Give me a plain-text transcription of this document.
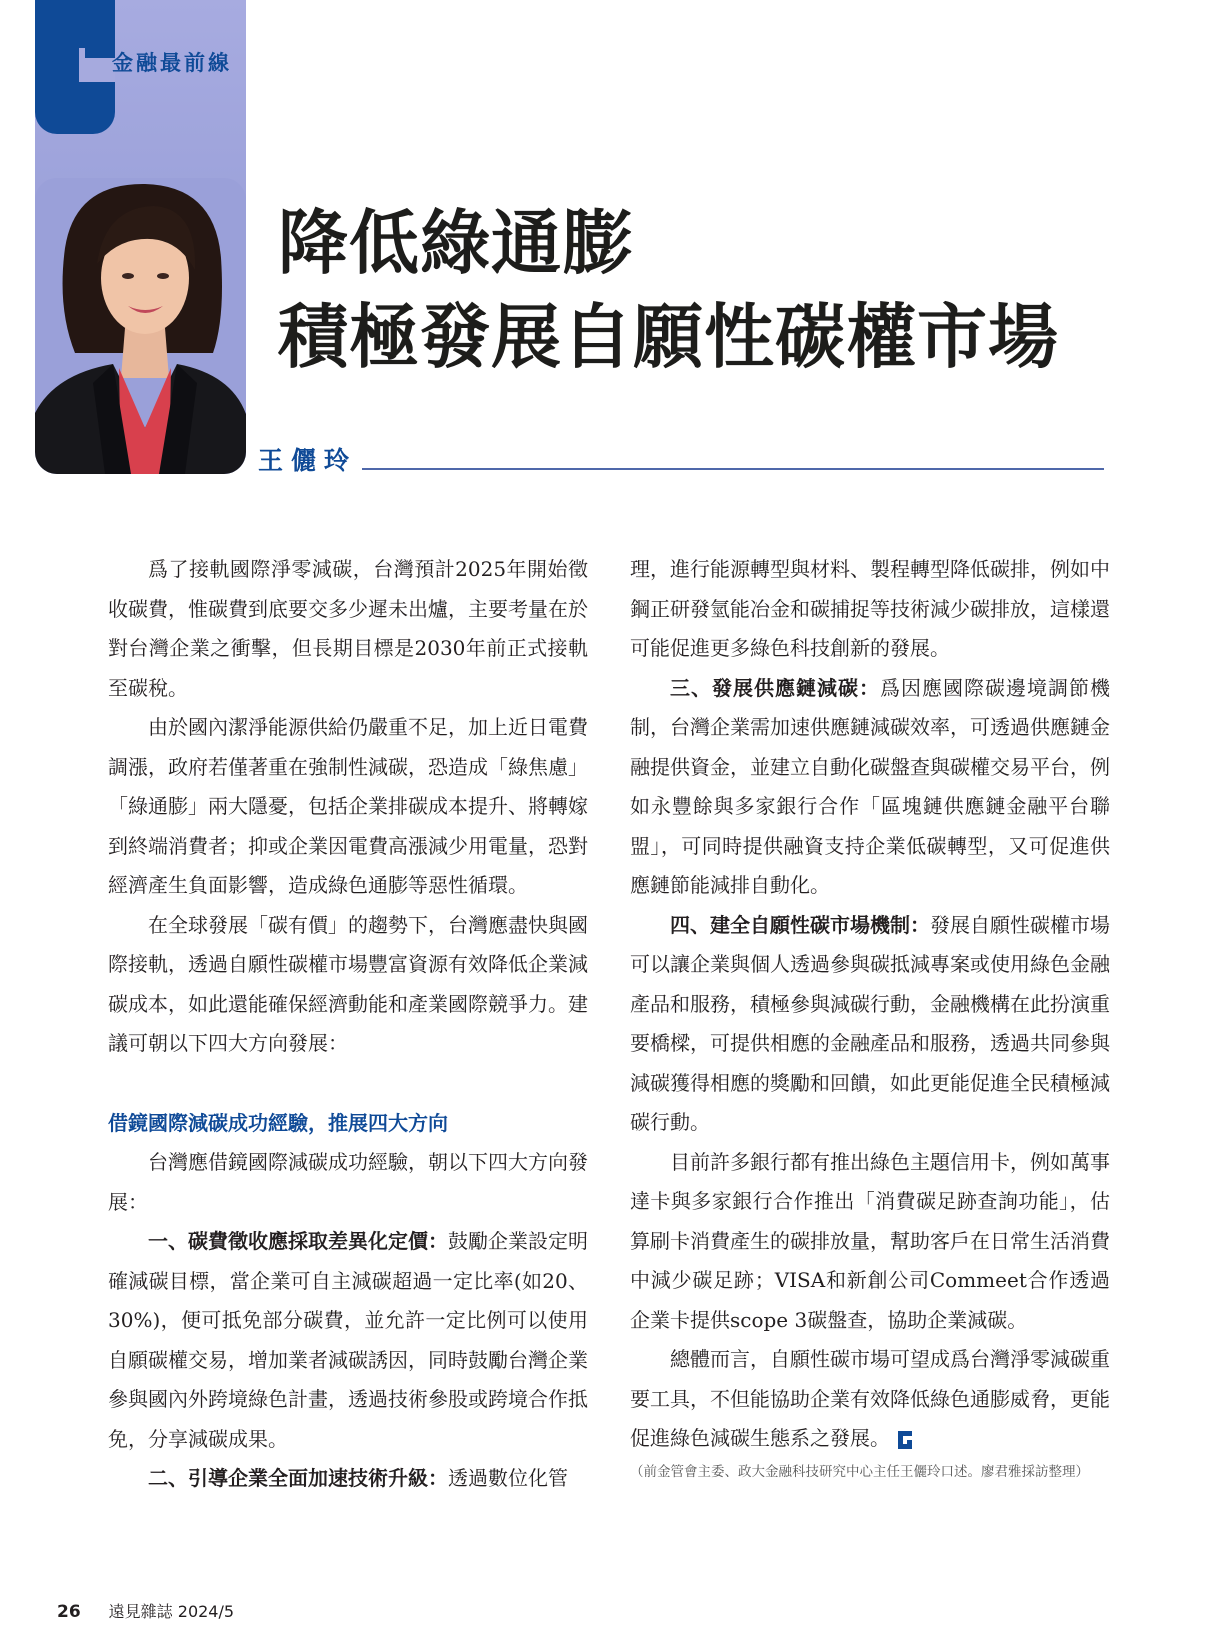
金融最前線
降低綠通膨
積極發展自願性碳權市場
王儷玲

爲了接軌國際淨零減碳，台灣預計2025年開始徵收碳費，惟碳費到底要交多少遲未出爐，主要考量在於對台灣企業之衝擊，但長期目標是2030年前正式接軌至碳稅。

由於國內潔淨能源供給仍嚴重不足，加上近日電費調漲，政府若僅著重在強制性減碳，恐造成「綠焦慮」「綠通膨」兩大隱憂，包括企業排碳成本提升、將轉嫁到終端消費者；抑或企業因電費高漲減少用電量，恐對經濟產生負面影響，造成綠色通膨等惡性循環。

在全球發展「碳有價」的趨勢下，台灣應盡快與國際接軌，透過自願性碳權市場豐富資源有效降低企業減碳成本，如此還能確保經濟動能和產業國際競爭力。建議可朝以下四大方向發展：

借鏡國際減碳成功經驗，推展四大方向

台灣應借鏡國際減碳成功經驗，朝以下四大方向發展：

一、碳費徵收應採取差異化定價：鼓勵企業設定明確減碳目標，當企業可自主減碳超過一定比率(如20、30%)，便可抵免部分碳費，並允許一定比例可以使用自願碳權交易，增加業者減碳誘因，同時鼓勵台灣企業參與國內外跨境綠色計畫，透過技術參股或跨境合作抵免，分享減碳成果。

二、引導企業全面加速技術升級：透過數位化管

理，進行能源轉型與材料、製程轉型降低碳排，例如中鋼正研發氫能冶金和碳捕捉等技術減少碳排放，這樣還可能促進更多綠色科技創新的發展。

三、發展供應鏈減碳：爲因應國際碳邊境調節機制，台灣企業需加速供應鏈減碳效率，可透過供應鏈金融提供資金，並建立自動化碳盤查與碳權交易平台，例如永豐餘與多家銀行合作「區塊鏈供應鏈金融平台聯盟」，可同時提供融資支持企業低碳轉型，又可促進供應鏈節能減排自動化。

四、建全自願性碳市場機制：發展自願性碳權市場可以讓企業與個人透過參與碳抵減專案或使用綠色金融產品和服務，積極參與減碳行動，金融機構在此扮演重要橋樑，可提供相應的金融產品和服務，透過共同參與減碳獲得相應的獎勵和回饋，如此更能促進全民積極減碳行動。

目前許多銀行都有推出綠色主題信用卡，例如萬事達卡與多家銀行合作推出「消費碳足跡查詢功能」，估算刷卡消費產生的碳排放量，幫助客戶在日常生活消費中減少碳足跡；VISA和新創公司Commeet合作透過企業卡提供scope 3碳盤查，協助企業減碳。

總體而言，自願性碳市場可望成爲台灣淨零減碳重要工具，不但能協助企業有效降低綠色通膨威脅，更能促進綠色減碳生態系之發展。

（前金管會主委、政大金融科技研究中心主任王儷玲口述。廖君雅採訪整理）

26 遠見雜誌 2024/5
